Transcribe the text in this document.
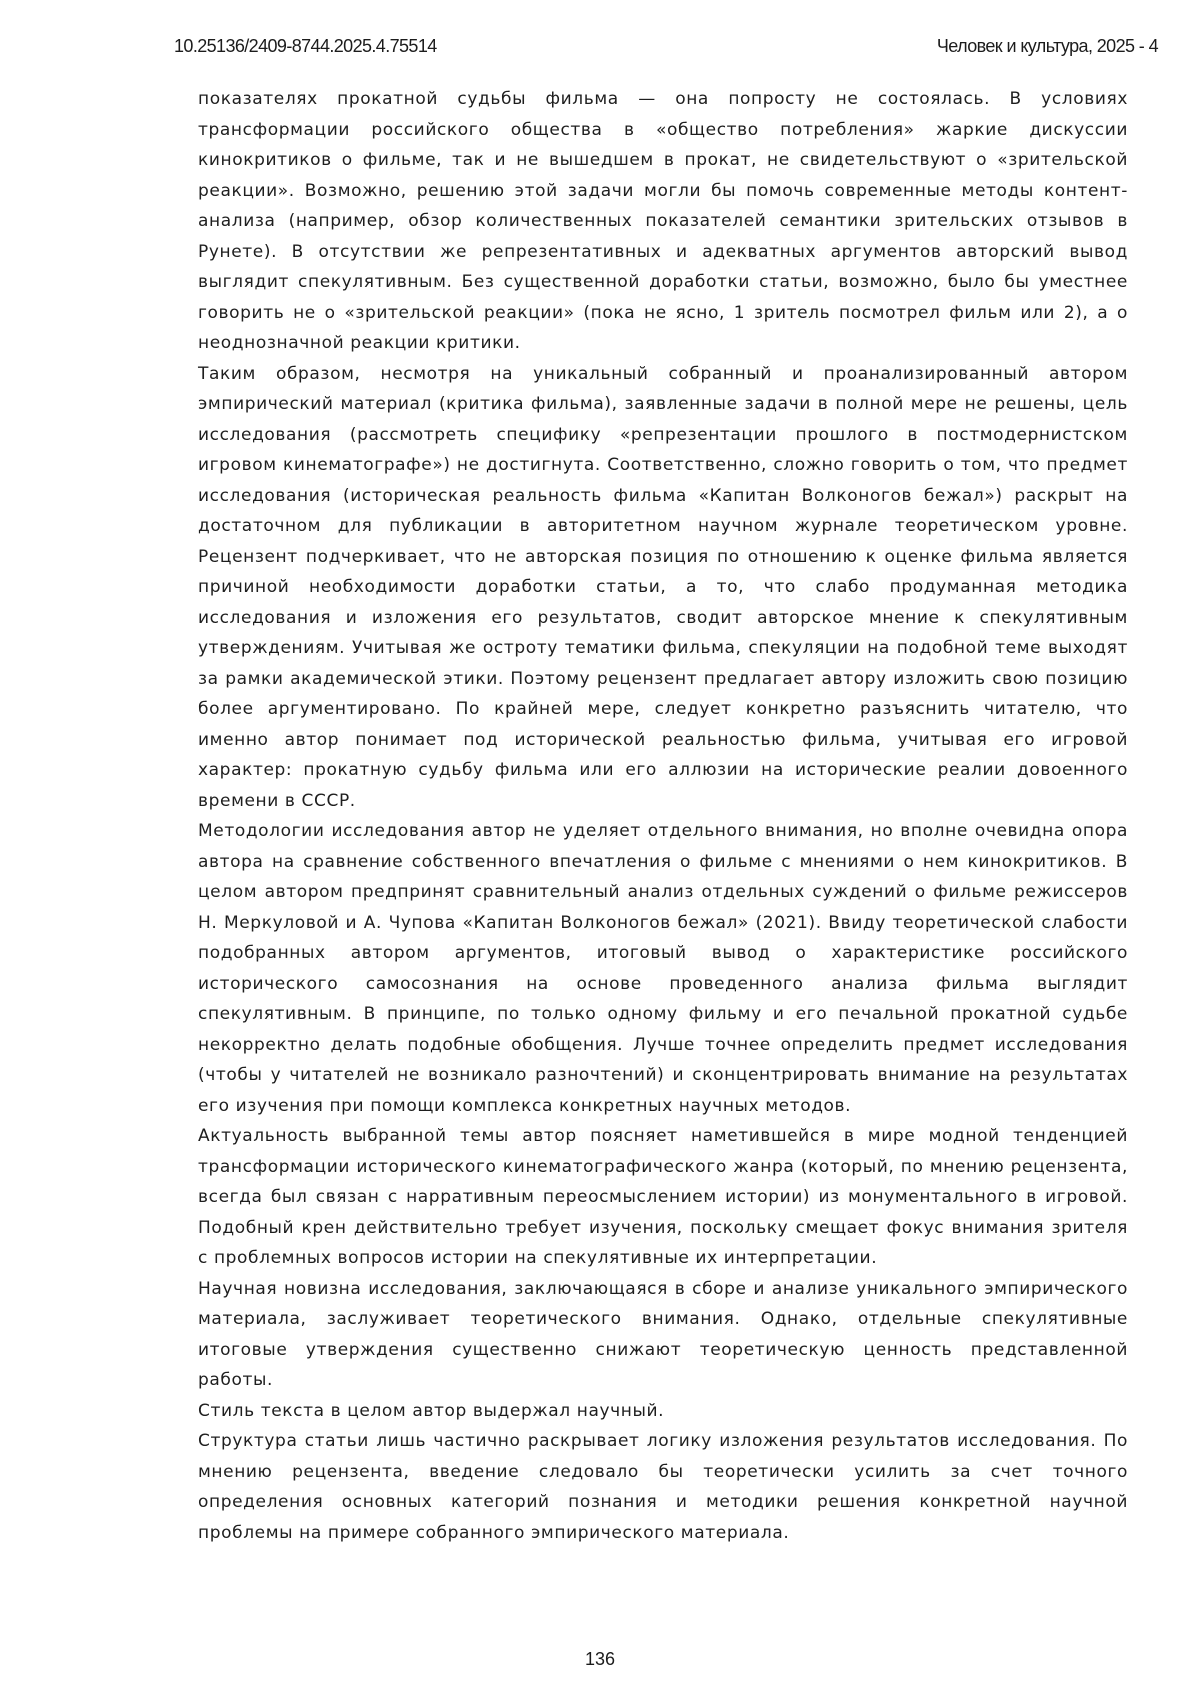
10.25136/2409-8744.2025.4.75514	Человек и культура, 2025 - 4

показателях прокатной судьбы фильма — она попросту не состоялась. В условиях трансформации российского общества в «общество потребления» жаркие дискуссии кинокритиков о фильме, так и не вышедшем в прокат, не свидетельствуют о «зрительской реакции». Возможно, решению этой задачи могли бы помочь современные методы контент-анализа (например, обзор количественных показателей семантики зрительских отзывов в Рунете). В отсутствии же репрезентативных и адекватных аргументов авторский вывод выглядит спекулятивным. Без существенной доработки статьи, возможно, было бы уместнее говорить не о «зрительской реакции» (пока не ясно, 1 зритель посмотрел фильм или 2), а о неоднозначной реакции критики.

Таким образом, несмотря на уникальный собранный и проанализированный автором эмпирический материал (критика фильма), заявленные задачи в полной мере не решены, цель исследования (рассмотреть специфику «репрезентации прошлого в постмодернистском игровом кинематографе») не достигнута. Соответственно, сложно говорить о том, что предмет исследования (историческая реальность фильма «Капитан Волконогов бежал») раскрыт на достаточном для публикации в авторитетном научном журнале теоретическом уровне. Рецензент подчеркивает, что не авторская позиция по отношению к оценке фильма является причиной необходимости доработки статьи, а то, что слабо продуманная методика исследования и изложения его результатов, сводит авторское мнение к спекулятивным утверждениям. Учитывая же остроту тематики фильма, спекуляции на подобной теме выходят за рамки академической этики. Поэтому рецензент предлагает автору изложить свою позицию более аргументировано. По крайней мере, следует конкретно разъяснить читателю, что именно автор понимает под исторической реальностью фильма, учитывая его игровой характер: прокатную судьбу фильма или его аллюзии на исторические реалии довоенного времени в СССР.

Методологии исследования автор не уделяет отдельного внимания, но вполне очевидна опора автора на сравнение собственного впечатления о фильме с мнениями о нем кинокритиков. В целом автором предпринят сравнительный анализ отдельных суждений о фильме режиссеров Н. Меркуловой и А. Чупова «Капитан Волконогов бежал» (2021). Ввиду теоретической слабости подобранных автором аргументов, итоговый вывод о характеристике российского исторического самосознания на основе проведенного анализа фильма выглядит спекулятивным. В принципе, по только одному фильму и его печальной прокатной судьбе некорректно делать подобные обобщения. Лучше точнее определить предмет исследования (чтобы у читателей не возникало разночтений) и сконцентрировать внимание на результатах его изучения при помощи комплекса конкретных научных методов.

Актуальность выбранной темы автор поясняет наметившейся в мире модной тенденцией трансформации исторического кинематографического жанра (который, по мнению рецензента, всегда был связан с нарративным переосмыслением истории) из монументального в игровой. Подобный крен действительно требует изучения, поскольку смещает фокус внимания зрителя с проблемных вопросов истории на спекулятивные их интерпретации.

Научная новизна исследования, заключающаяся в сборе и анализе уникального эмпирического материала, заслуживает теоретического внимания. Однако, отдельные спекулятивные итоговые утверждения существенно снижают теоретическую ценность представленной работы.

Стиль текста в целом автор выдержал научный.

Структура статьи лишь частично раскрывает логику изложения результатов исследования. По мнению рецензента, введение следовало бы теоретически усилить за счет точного определения основных категорий познания и методики решения конкретной научной проблемы на примере собранного эмпирического материала.

136
